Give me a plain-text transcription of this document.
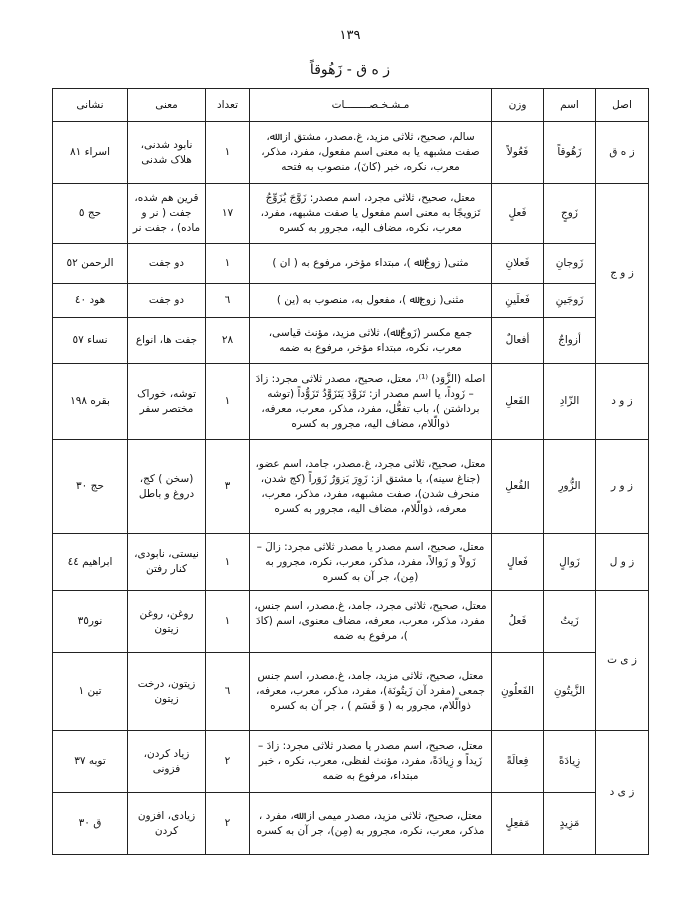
١٣٩
ز ه ق - زَهُوقاً
اصل	اسم	وزن	مـشـخـصــــــــات	تعداد	معنی	نشانی
ز ه ق	زَهُوقاً	فَعُولاً	سالم، صحیح، ثلاثی مزید، غ.مصدر، مشتق از: ﷲ، صفت مشبهه یا به معنی اسم مفعول، مفرد، مذکر، معرب، نکره، خبر (کانَ)، منصوب به فتحه	١	نابود شدنی، هلاک شدنی	اسراء ٨١
ز و ج	زَوجٍ	فَعلٍ	معتل، صحیح، ثلاثی مجرد، اسم مصدر: زَوَّجَ یُزَوِّجُ تَزویجًا به معنی اسم مفعول یا صفت مشبهه، مفرد، معرب، نکره، مضاف الیه، مجرور به کسره	١٧	قرین هم شده، جفت ( نر و ماده) ، جفت نر	حج ٥
	زَوجانِ	فَعلانِ	مثنی( زوجٌ ﷲ )، مبتداء مؤخر، مرفوع به ( ان )	١	دو جفت	الرحمن ٥٢
	زَوجَینِ	فَعلَینِ	مثنی( زوج ﷲ )، مفعول به، منصوب به (ین )	٦	دو جفت	هود ٤٠
	أزواجٌ	أفعالٌ	جمع مکسر (زَوجٌ ﷲ)، ثلاثی مزید، مؤنث قیاسی، معرب، نکره، مبتداء مؤخر، مرفوع به ضمه	٢٨	جفت ها، انواع	نساء ٥٧
ز و د	الزّادِ	الفَعلِ	اصله (الزَّوَد) ⁽¹⁾، معتل، صحیح، مصدر ثلاثی مجرد: زادَ – زَوداً، یا اسم مصدر از: تَزَوَّدَ یَتَزَوَّدُ تَزَوُّداً (توشه برداشتن )، باب تفعُّل، مفرد، مذکر، معرب، معرفه، ذوالّلام، مضاف الیه، مجرور به کسره	١	توشه، خوراک مختصر سفر	بقره ١٩٨
ز و ر	الزُّورِ	الفُعلِ	معتل، صحیح، ثلاثی مجرد، غ.مصدر، جامد، اسم عضو، (جناغ سینه)، یا مشتق از: زَوِرَ یَزوَرُ زَوَراً (کج شدن، منحرف شدن)، صفت مشبهه، مفرد، مذکر، معرب، معرفه، ذوالّلام، مضاف الیه، مجرور به کسره	٣	(سخن ) کج، دروغ و باطل	حج ٣٠
ز و ل	زَوالٍ	فَعالٍ	معتل، صحیح، اسم مصدر یا مصدر ثلاثی مجرد: زالَ – زَولاً و زَوالاً، مفرد، مذکر، معرب، نکره، مجرور به (مِن)، جر آن به کسره	١	نیستی، نابودی، کنار رفتن	ابراهیم ٤٤
ز ی ت	زَیتُ	فَعلُ	معتل، صحیح، ثلاثی مجرد، جامد، غ.مصدر، اسم جنس، مفرد، مذکر، معرب، معرفه، مضاف معنوی، اسم (کادَ )، مرفوع به ضمه	١	روغن، روغن زیتون	نور٣٥
	الزَّیتُونِ	الفَعلُونِ	معتل، صحیح، ثلاثی مزید، جامد، غ.مصدر، اسم جنس جمعی (مفرد آن زَیتُونَة)، مفرد، مذکر، معرب، معرفه، ذوالّلام، مجرور به ( وَ قَسَم ) ، جر آن به کسره	٦	زیتون، درخت زیتون	تین ١
ز ی د	زِیادَةً	فِعالَةً	معتل، صحیح، اسم مصدر یا مصدر ثلاثی مجرد: زادَ – زَیداً و زِیادَةً، مفرد، مؤنث لفظی، معرب، نکره ، خبر مبتداء، مرفوع به ضمه	٢	زیاد کردن، فزونی	توبه ٣٧
	مَزِیدٍ	مَفعِلٍ	معتل، صحیح، ثلاثی مزید، مصدر میمی از: ﷲ، مفرد ، مذکر، معرب، نکره، مجرور به (مِن)، جر آن به کسره	٢	زیادی، افزون کردن	ق ٣٠
